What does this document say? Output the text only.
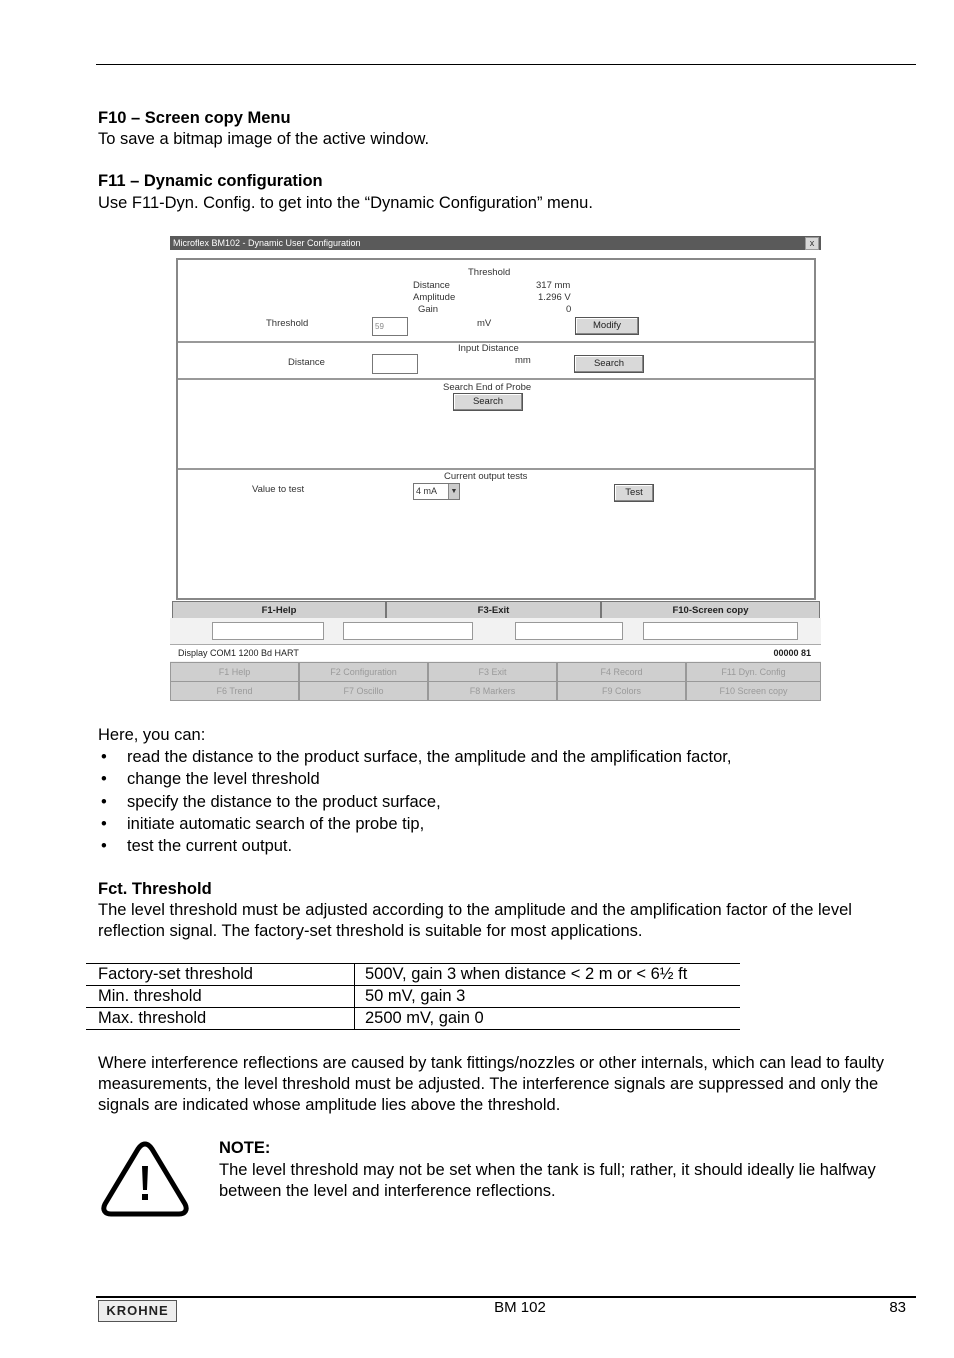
F10 – Screen copy Menu

To save a bitmap image of the active window.

F11 – Dynamic configuration

Use F11-Dyn. Config. to get into the “Dynamic Configuration” menu.

Microflex BM102 - Dynamic User Configuration	x
Threshold
Distance	317 mm
Amplitude	1.296 V
Gain	0
Threshold	59	mV	Modify
Input Distance
Distance	mm	Search
Search End of Probe
Search
Current output tests
Value to test	4 mA	▼	Test
F1-Help	F3-Exit	F10-Screen copy
Display COM1 1200 Bd HART	00000 81
F1 Help	F2 Configuration	F3 Exit	F4 Record	F11 Dyn. Config
F6 Trend	F7 Oscillo	F8 Markers	F9 Colors	F10 Screen copy

Here, you can:

• read the distance to the product surface, the amplitude and the amplification factor,
• change the level threshold
• specify the distance to the product surface,
• initiate automatic search of the probe tip,
• test the current output.

Fct. Threshold

The level threshold must be adjusted according to the amplitude and the amplification factor of the level reflection signal. The factory-set threshold is suitable for most applications.

Factory-set threshold	500V, gain 3 when distance < 2 m or < 6½ ft
Min. threshold	50 mV, gain 3
Max. threshold	2500 mV, gain 0

Where interference reflections are caused by tank fittings/nozzles or other internals, which can lead to faulty measurements, the level threshold must be adjusted. The interference signals are suppressed and only the signals are indicated whose amplitude lies above the threshold.

NOTE:

The level threshold may not be set when the tank is full; rather, it should ideally lie halfway between the level and interference reflections.

KROHNE	BM 102	83
